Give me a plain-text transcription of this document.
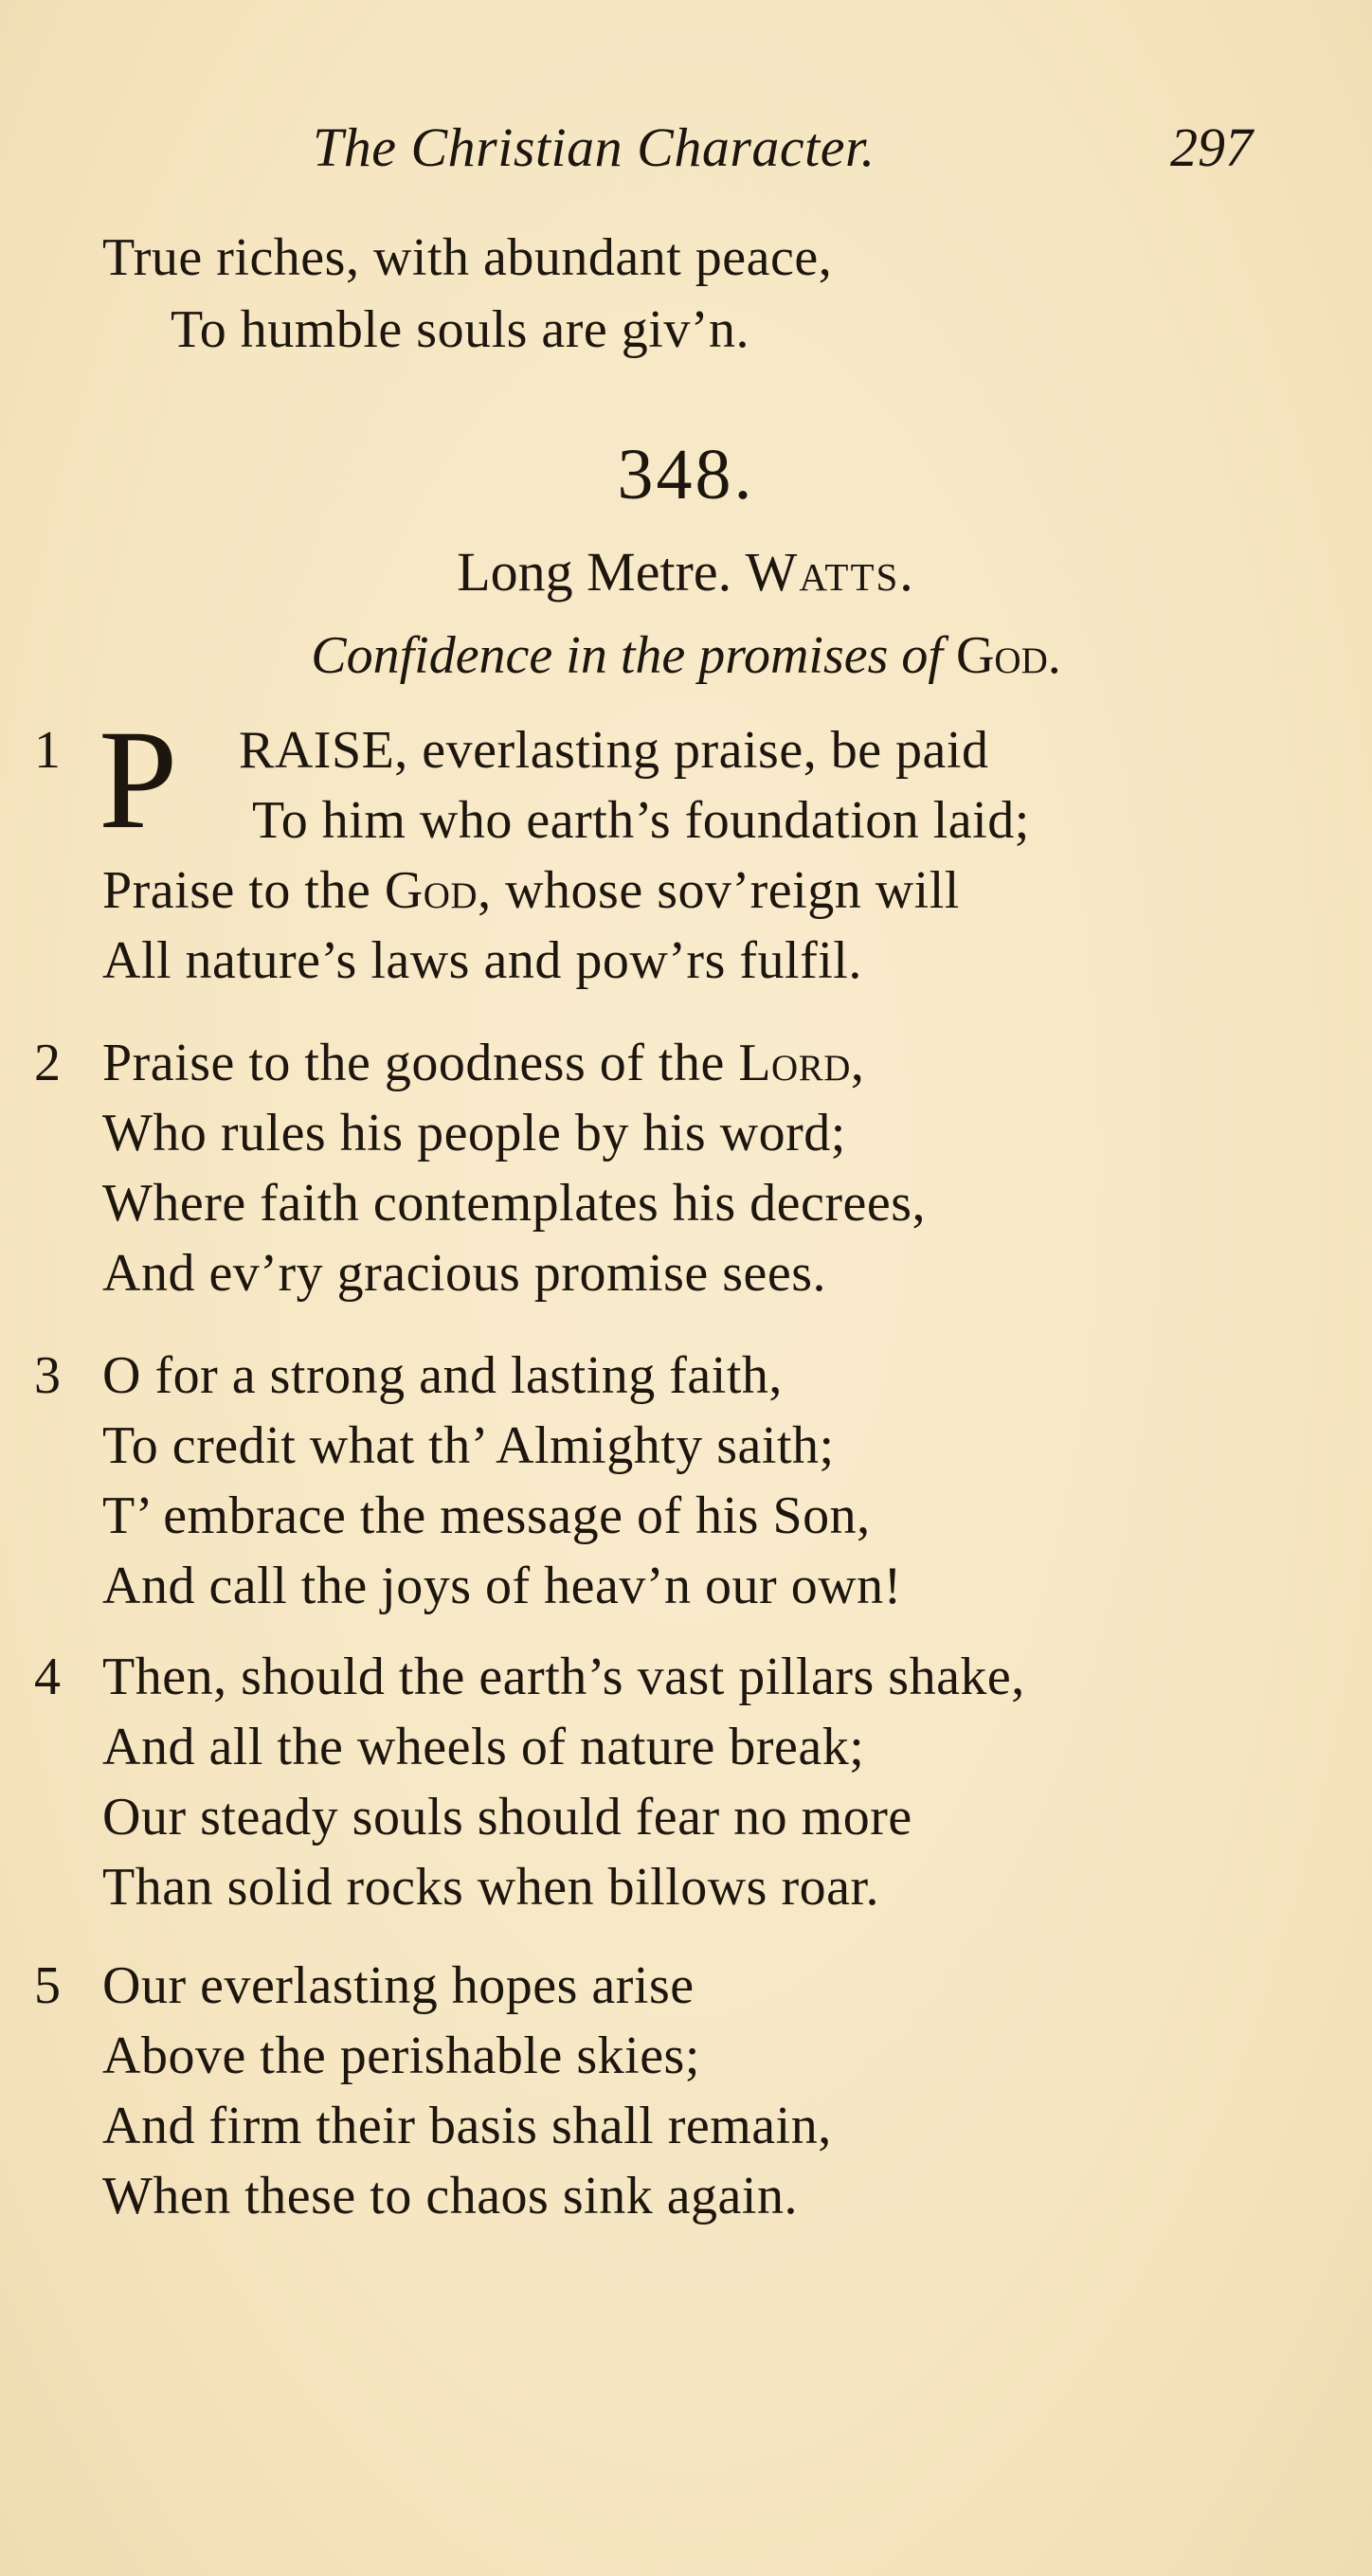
The Christian Character.	297
True riches, with abundant peace,
To humble souls are giv’n.
348.
Long Metre. Watts.
Confidence in the promises of God.
1 P RAISE, everlasting praise, be paid
To him who earth’s foundation laid;
Praise to the God, whose sov’reign will
All nature’s laws and pow’rs fulfil.
2 Praise to the goodness of the Lord,
Who rules his people by his word;
Where faith contemplates his decrees,
And ev’ry gracious promise sees.
3 O for a strong and lasting faith,
To credit what th’ Almighty saith;
T’ embrace the message of his Son,
And call the joys of heav’n our own!
4 Then, should the earth’s vast pillars shake,
And all the wheels of nature break;
Our steady souls should fear no more
Than solid rocks when billows roar.
5 Our everlasting hopes arise
Above the perishable skies;
And firm their basis shall remain,
When these to chaos sink again.
